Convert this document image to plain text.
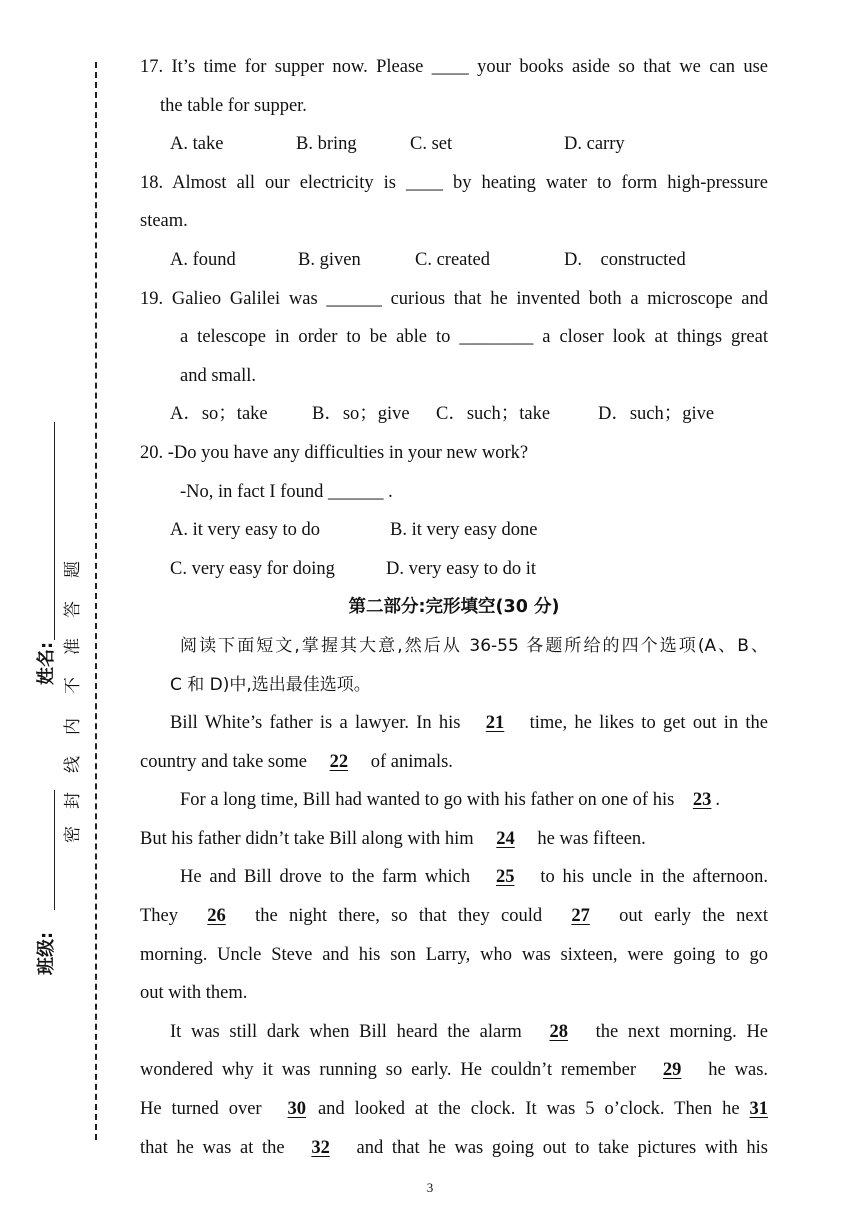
姓名:
班级:
密
封
线
内
不
准
答
题

17. It’s time for supper now. Please ____ your books aside so that we can use

the table for supper.

A. take	B. bring	C. set	D. carry

18. Almost all our electricity is ____ by heating water to form high-pressure

steam.

A. found	B. given	C. created	D.    constructed

19. Galieo Galilei was ______ curious that he invented both a microscope and

a telescope in order to be able to ________ a closer look at things great

and small.

A．so；take	B．so；give	C．such；take	D．such；give

20. -Do you have any difficulties in your new work?

-No, in fact I found ______ .

A. it very easy to do	B. it very easy done
C. very easy for doing	D. very easy to do it

第二部分:完形填空(30 分)

阅读下面短文,掌握其大意,然后从 36-55 各题所给的四个选项(A、B、

C 和 D)中,选出最佳选项。

Bill White’s father is a lawyer. In his 21 time, he likes to get out in the

country and take some 22 of animals.

For a long time, Bill had wanted to go with his father on one of his 23 .

But his father didn’t take Bill along with him 24 he was fifteen.

He and Bill drove to the farm which 25 to his uncle in the afternoon.

They 26 the night there, so that they could 27 out early the next

morning. Uncle Steve and his son Larry, who was sixteen, were going to go

out with them.

It was still dark when Bill heard the alarm 28 the next morning. He

wondered why it was running so early. He couldn’t remember 29 he was.

He turned over 30 and looked at the clock. It was 5 o’clock. Then he 31

that he was at the 32 and that he was going out to take pictures with his

3
